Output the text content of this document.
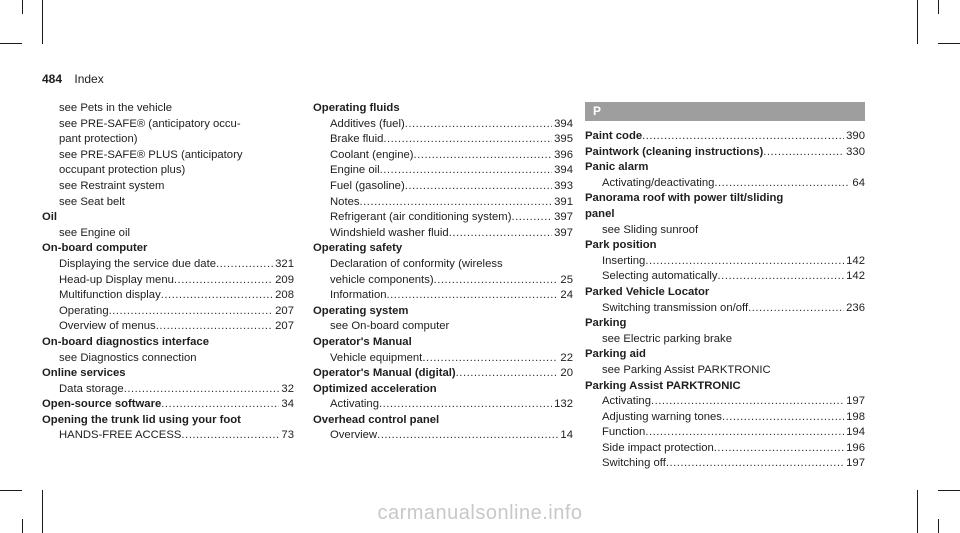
484 Index
see Pets in the vehicle
see PRE-SAFE® (anticipatory occu-
pant protection)
see PRE-SAFE® PLUS (anticipatory
occupant protection plus)
see Restraint system
see Seat belt
Oil
see Engine oil
On-board computer
Displaying the service due date .....	321
Head-up Display menu .....	209
Multifunction display .....	208
Operating .....	207
Overview of menus .....	207
On-board diagnostics interface
see Diagnostics connection
Online services
Data storage .....	32
Open-source software .....	34
Opening the trunk lid using your foot
HANDS-FREE ACCESS .....	73
Operating fluids
Additives (fuel) .....	394
Brake fluid .....	395
Coolant (engine) .....	396
Engine oil .....	394
Fuel (gasoline) .....	393
Notes .....	391
Refrigerant (air conditioning system) .....	397
Windshield washer fluid .....	397
Operating safety
Declaration of conformity (wireless
vehicle components) .....	25
Information .....	24
Operating system
see On-board computer
Operator's Manual
Vehicle equipment .....	22
Operator's Manual (digital) .....	20
Optimized acceleration
Activating .....	132
Overhead control panel
Overview .....	14
P
Paint code .....	390
Paintwork (cleaning instructions) .....	330
Panic alarm
Activating/deactivating .....	64
Panorama roof with power tilt/sliding
panel
see Sliding sunroof
Park position
Inserting .....	142
Selecting automatically .....	142
Parked Vehicle Locator
Switching transmission on/off .....	236
Parking
see Electric parking brake
Parking aid
see Parking Assist PARKTRONIC
Parking Assist PARKTRONIC
Activating .....	197
Adjusting warning tones .....	198
Function .....	194
Side impact protection .....	196
Switching off .....	197
carmanualsonline.info
